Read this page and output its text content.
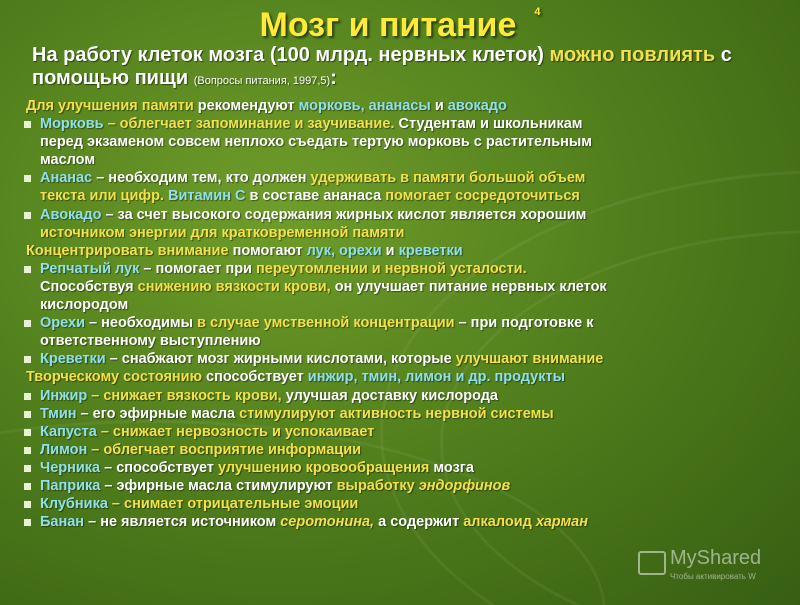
Мозг и питание $^4$
На работу клеток мозга (100 млрд. нервных клеток) можно повлиять с помощью пищи (Вопросы питания, 1997,5):
Для улучшения памяти рекомендуют морковь, ананасы и авокадо
Морковь – облегчает запоминание и заучивание. Студентам и школьникам
перед экзаменом совсем неплохо съедать тертую морковь с растительным
маслом
Ананас – необходим тем, кто должен удерживать в памяти большой объем
текста или цифр. Витамин С в составе ананаса помогает сосредоточиться
Авокадо – за счет высокого содержания жирных кислот является хорошим
источником энергии для кратковременной памяти
Концентрировать внимание помогают лук, орехи и креветки
Репчатый лук – помогает при переутомлении и нервной усталости.
Способствуя снижению вязкости крови, он улучшает питание нервных клеток
кислородом
Орехи – необходимы в случае умственной концентрации – при подготовке к
ответственному выступлению
Креветки – снабжают мозг жирными кислотами, которые улучшают внимание
Творческому состоянию способствует инжир, тмин, лимон и др. продукты
Инжир – снижает вязкость крови, улучшая доставку кислорода
Тмин – его эфирные масла стимулируют активность нервной системы
Капуста – снижает нервозность и успокаивает
Лимон – облегчает восприятие информации
Черника – способствует улучшению кровообращения мозга
Паприка – эфирные масла стимулируют выработку эндорфинов
Клубника – снимает отрицательные эмоции
Банан – не является источником серотонина, а содержит алкалоид харман
MyShared
Чтобы активировать W
